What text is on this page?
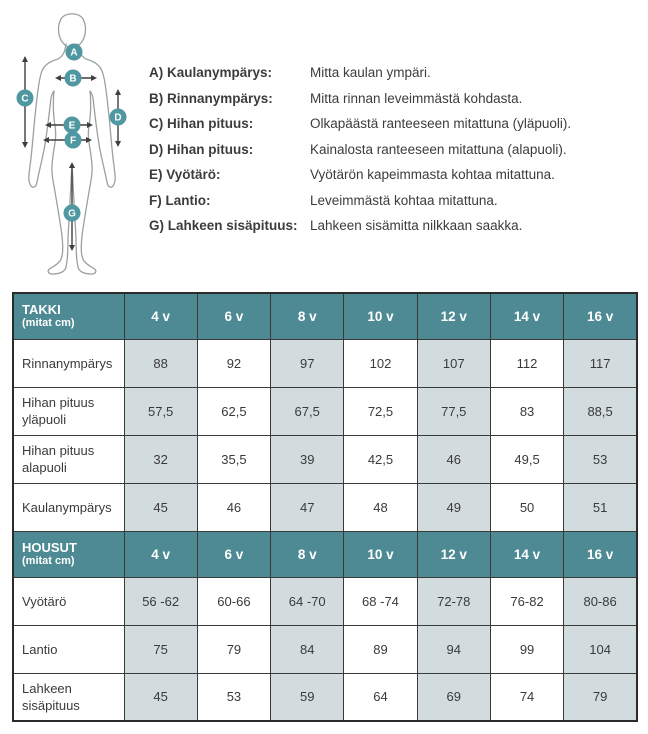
A
B
C
D
E
F
G
A) Kaulanympärys:	Mitta kaulan ympäri.
B) Rinnanympärys:	Mitta rinnan leveimmästä kohdasta.
C) Hihan pituus:	Olkapäästä ranteeseen mitattuna (yläpuoli).
D) Hihan pituus:	Kainalosta ranteeseen mitattuna (alapuoli).
E) Vyötärö:	Vyötärön kapeimmasta kohtaa mitattuna.
F) Lantio:	Leveimmästä kohtaa mitattuna.
G) Lahkeen sisäpituus: Lahkeen sisämitta nilkkaan saakka.
TAKKI
(mitat cm)	4 v	6 v	8 v	10 v	12 v	14 v	16 v
Rinnanympärys	88	92	97	102	107	112	117
Hihan pituus yläpuoli	57,5	62,5	67,5	72,5	77,5	83	88,5
Hihan pituus alapuoli	32	35,5	39	42,5	46	49,5	53
Kaulanympärys	45	46	47	48	49	50	51

HOUSUT
(mitat cm)	4 v	6 v	8 v	10 v	12 v	14 v	16 v
Vyötärö	56 -62	60-66	64 -70	68 -74	72-78	76-82	80-86
Lantio	75	79	84	89	94	99	104
Lahkeen sisäpituus	45	53	59	64	69	74	79
